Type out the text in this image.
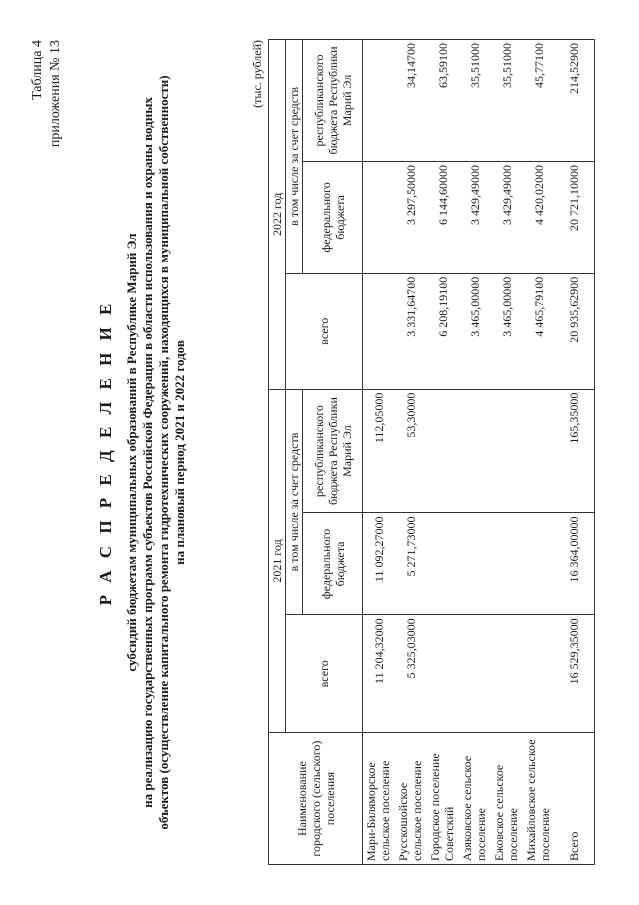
Таблица 4 приложения № 13
Р А С П Р Е Д Е Л Е Н И Е субсидий бюджетам муниципальных образований в Республике Марий Эл на реализацию государственных программ субъектов Российской Федерации в области использования и охраны водных объектов (осуществление капитального ремонта гидротехнических сооружений, находящихся в муниципальной собственности) на плановый период 2021 и 2022 годов
(тыс. рублей)
Наименование городского (сельского) поселения	2021 год			2022 год		
	всего	в том числе за счет средств		всего	в том числе за счет средств	
		федерального бюджета	республиканского бюджета Республики Марий Эл		федерального бюджета	республиканского бюджета Республики Марий Эл
Мари-Биляморское сельское поселение	11 204,32000	11 092,27000	112,05000			
Русскошойское сельское поселение	5 325,03000	5 271,73000	53,30000	3 331,64700	3 297,50000	34,14700
Городское поселение Советский				6 208,19100	6 144,60000	63,59100
Азяковское сельское поселение				3 465,00000	3 429,49000	35,51000
Ежовское сельское поселение				3 465,00000	3 429,49000	35,51000
Михайловское сельское поселение				4 465,79100	4 420,02000	45,77100
Всего	16 529,35000	16 364,00000	165,35000	20 935,62900	20 721,10000	214,52900
